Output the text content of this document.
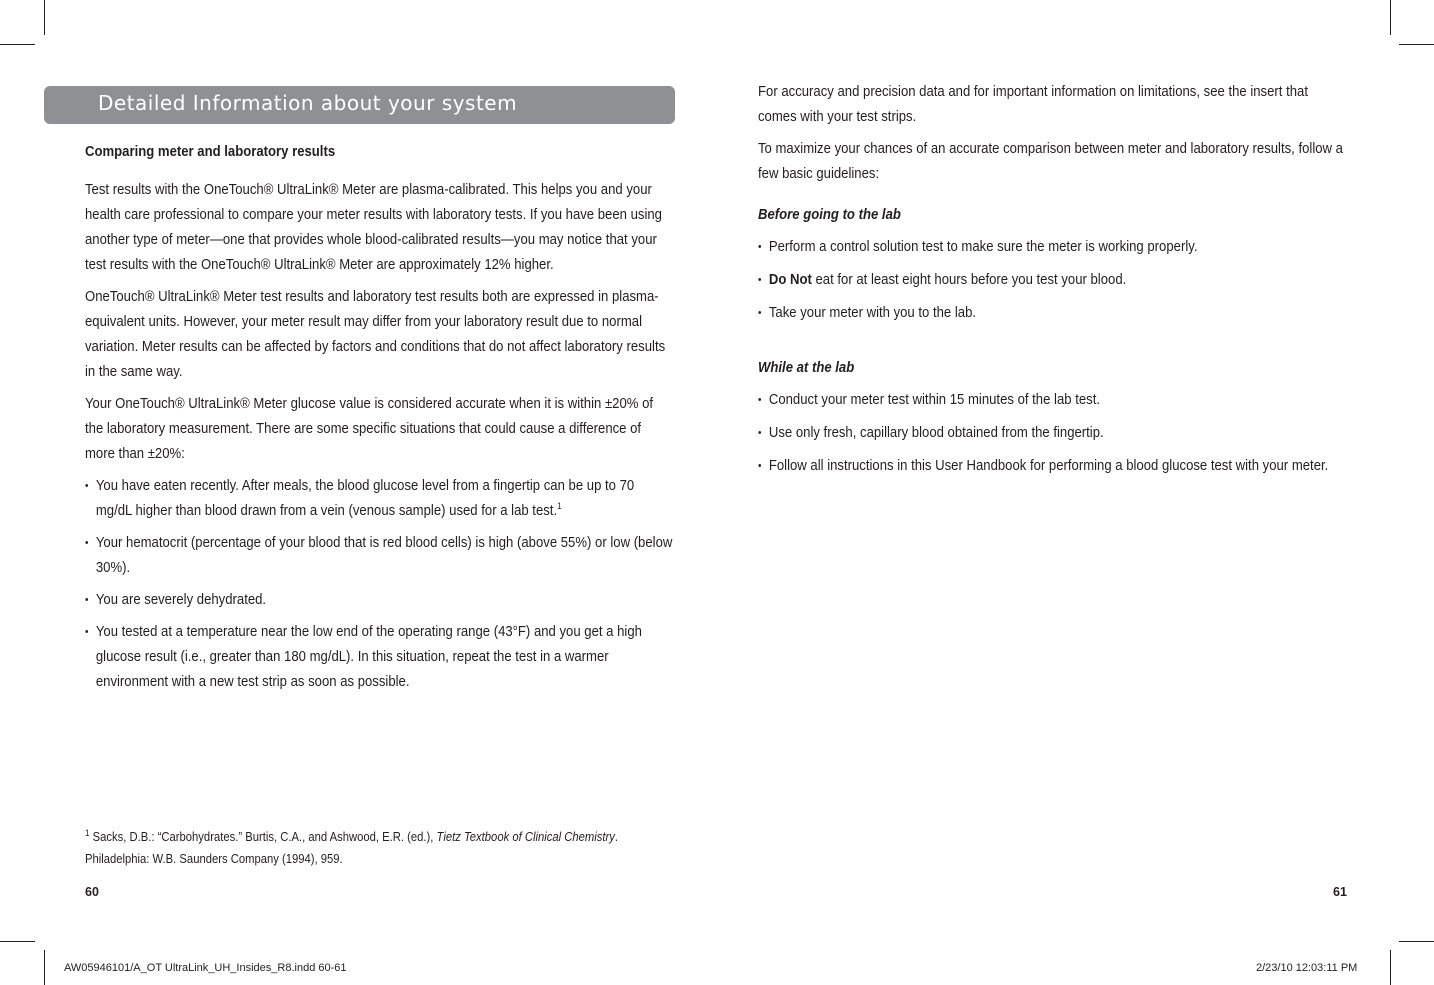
Detailed Information about your system

Comparing meter and laboratory results

Test results with the OneTouch® UltraLink® Meter are plasma-calibrated. This helps you and your health care professional to compare your meter results with laboratory tests. If you have been using another type of meter—one that provides whole blood-calibrated results—you may notice that your test results with the OneTouch® UltraLink® Meter are approximately 12% higher.

OneTouch® UltraLink® Meter test results and laboratory test results both are expressed in plasma-equivalent units. However, your meter result may differ from your laboratory result due to normal variation. Meter results can be affected by factors and conditions that do not affect laboratory results in the same way.

Your OneTouch® UltraLink® Meter glucose value is considered accurate when it is within ±20% of the laboratory measurement. There are some specific situations that could cause a difference of more than ±20%:

• You have eaten recently. After meals, the blood glucose level from a fingertip can be up to 70 mg/dL higher than blood drawn from a vein (venous sample) used for a lab test.$^1$
• Your hematocrit (percentage of your blood that is red blood cells) is high (above 55%) or low (below 30%).
• You are severely dehydrated.
• You tested at a temperature near the low end of the operating range (43°F) and you get a high glucose result (i.e., greater than 180 mg/dL). In this situation, repeat the test in a warmer environment with a new test strip as soon as possible.
$^1$ Sacks, D.B.: “Carbohydrates.” Burtis, C.A., and Ashwood, E.R. (ed.), Tietz Textbook of Clinical Chemistry.
Philadelphia: W.B. Saunders Company (1994), 959.

For accuracy and precision data and for important information on limitations, see the insert that comes with your test strips.

To maximize your chances of an accurate comparison between meter and laboratory results, follow a few basic guidelines:

Before going to the lab

• Perform a control solution test to make sure the meter is working properly.
• Do Not eat for at least eight hours before you test your blood.
• Take your meter with you to the lab.

While at the lab

• Conduct your meter test within 15 minutes of the lab test.
• Use only fresh, capillary blood obtained from the fingertip.
• Follow all instructions in this User Handbook for performing a blood glucose test with your meter.
60	61
AW05946101/A_OT UltraLink_UH_Insides_R8.indd 60-61	2/23/10 12:03:11 PM
